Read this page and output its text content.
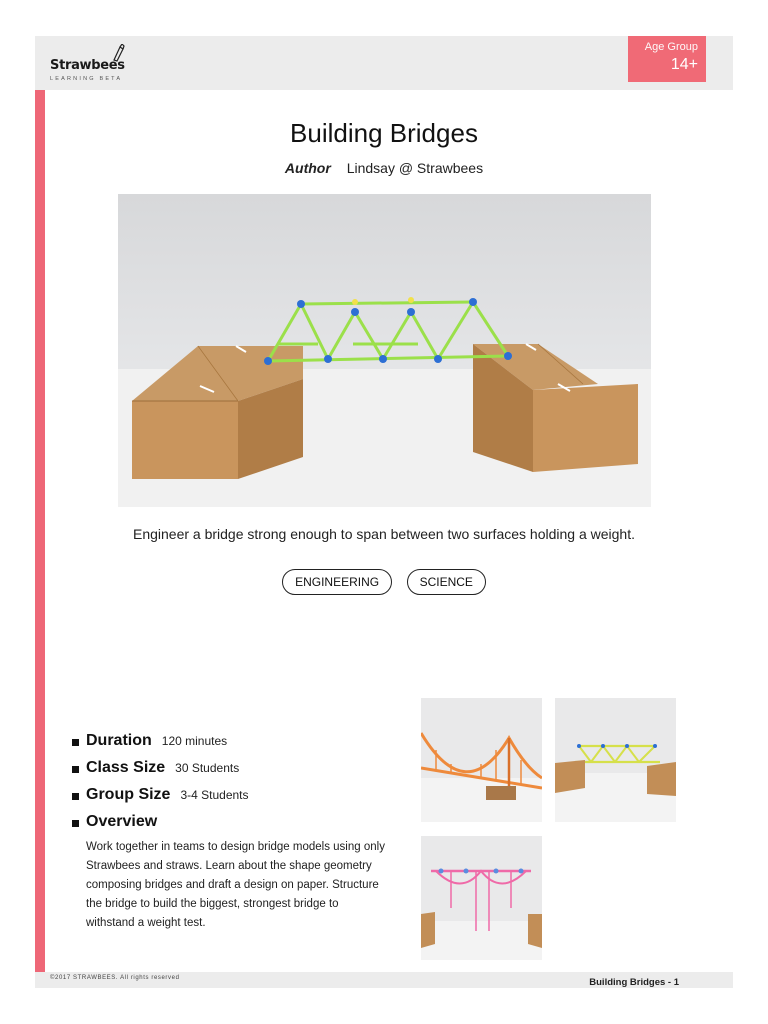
Strawbees
LEARNING BETA
Age Group
14+
Building Bridges
Author Lindsay @ Strawbees
Engineer a bridge strong enough to span between two surfaces holding a weight.
ENGINEERING	SCIENCE
Duration 120 minutes
Class Size 30 Students
Group Size 3-4 Students
Overview
Work together in teams to design bridge models using only Strawbees and straws. Learn about the shape geometry composing bridges and draft a design on paper. Structure the bridge to build the biggest, strongest bridge to withstand a weight test.
©2017 STRAWBEES. All rights reserved	Building Bridges - 1
